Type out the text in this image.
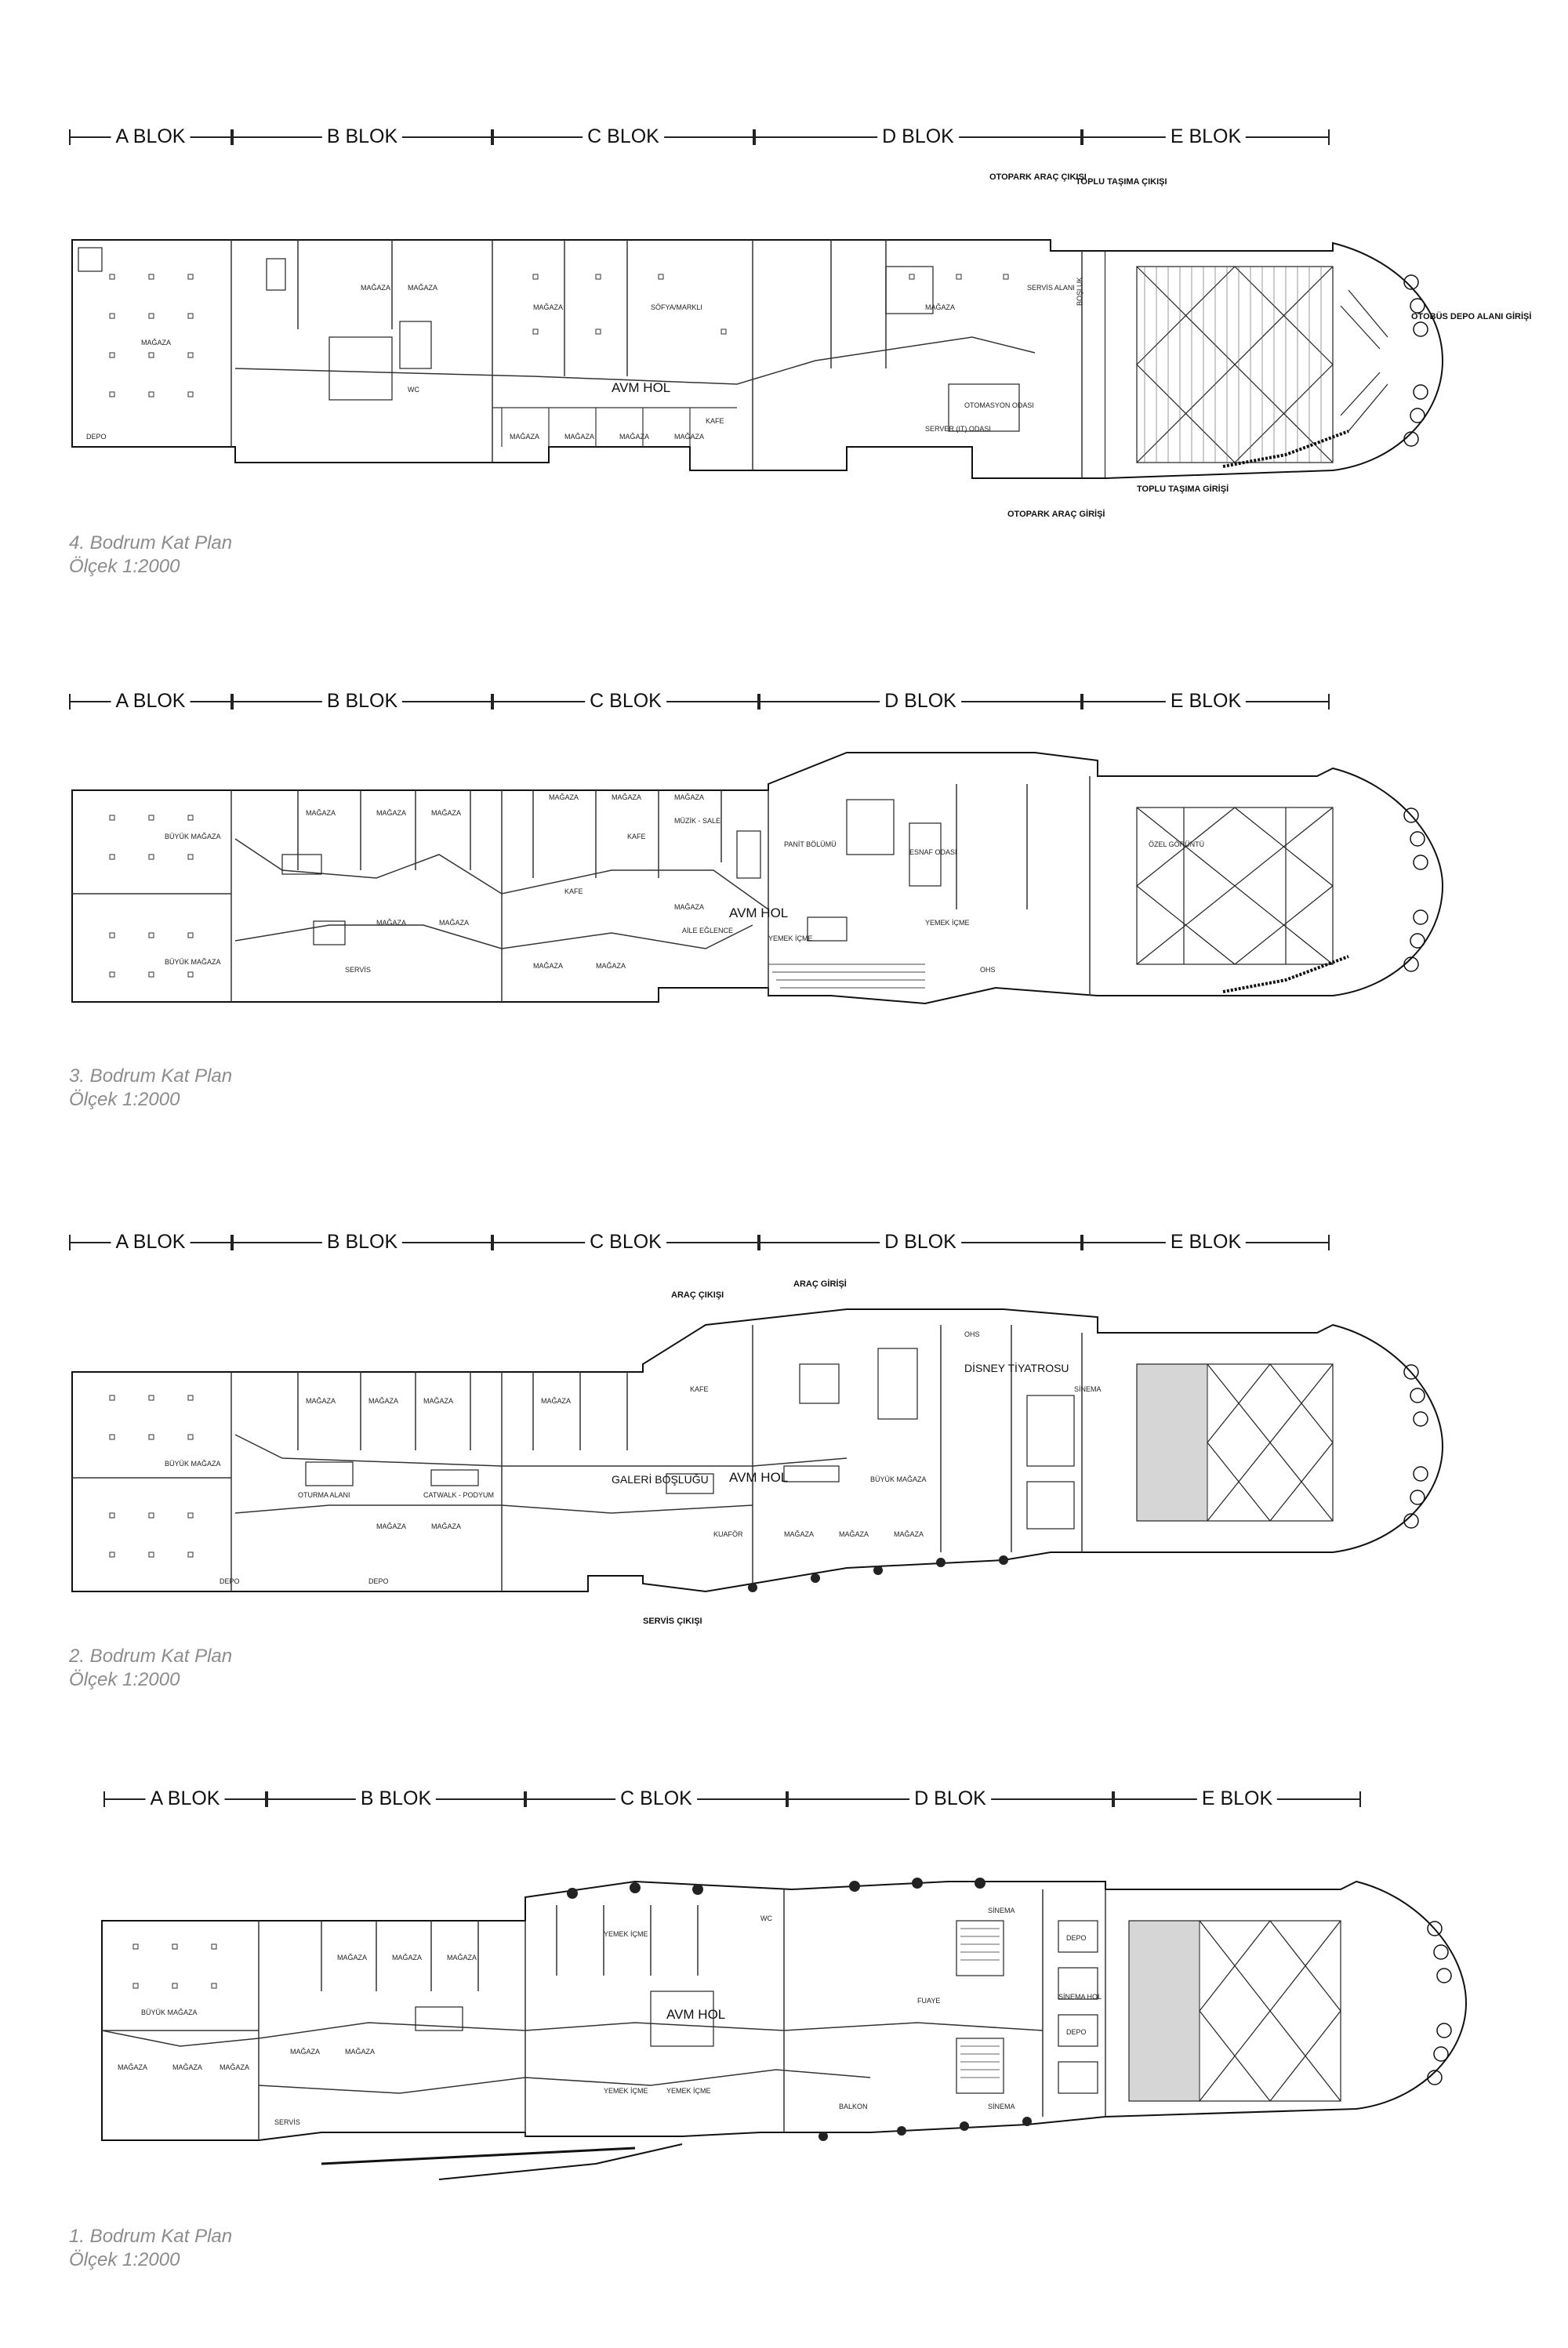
A BLOK	B BLOK	C BLOK	D BLOK	E BLOK
AVM HOL
MAĞAZA
MAĞAZA MAĞAZA
MAĞAZA	MAĞAZA
MAĞAZA	MAĞAZA	MAĞAZA	MAĞAZA
DEPO
WC
SÖFYA/MARKLI
KAFE
SERVER (IT) ODASI
OTOMASYON ODASI
SERVİS ALANI BOŞLUK
OTOPARK ARAÇ ÇIKIŞI
TOPLU TAŞIMA ÇIKIŞI
OTOBÜS DEPO ALANI GİRİŞİ
OTOPARK ARAÇ GİRİŞİ
TOPLU TAŞIMA GİRİŞİ
4. Bodrum Kat Plan
Ölçek 1:2000
A BLOK	B BLOK	C BLOK	D BLOK	E BLOK
AVM HOL
BÜYÜK MAĞAZA
BÜYÜK MAĞAZA
SERVİS
MAĞAZA	MAĞAZA	MAĞAZA
MAĞAZA	MAĞAZA	MAĞAZA
MAĞAZA	MAĞAZA
MAĞAZA	MAĞAZA
MAĞAZA
KAFE
KAFE
MÜZİK - SALE
PANİT BÖLÜMÜ
AİLE EĞLENCE
YEMEK İÇME
YEMEK İÇME
ESNAF ODASI
ÖZEL GÖRÜNTÜ
OHS
3. Bodrum Kat Plan
Ölçek 1:2000
A BLOK	B BLOK	C BLOK	D BLOK	E BLOK
AVM HOL
GALERİ BOŞLUĞU
DİSNEY TİYATROSU
BÜYÜK MAĞAZA
BÜYÜK MAĞAZA
OTURMA ALANI	CATWALK - PODYUM
SİNEMA
KAFE
DEPO	DEPO
OHS
KUAFÖR
MAĞAZA	MAĞAZA	MAĞAZA	MAĞAZA
MAĞAZA	MAĞAZA
MAĞAZA	MAĞAZA	MAĞAZA
ARAÇ ÇIKIŞI
ARAÇ GİRİŞİ
SERVİS ÇIKIŞI
2. Bodrum Kat Plan
Ölçek 1:2000
A BLOK	B BLOK	C BLOK	D BLOK	E BLOK
AVM HOL
BÜYÜK MAĞAZA
SİNEMA
SİNEMA
DEPO
DEPO
FUAYE
BALKON
YEMEK İÇME	YEMEK İÇME
YEMEK İÇME
SERVİS
SİNEMA HOL
WC
MAĞAZA	MAĞAZA MAĞAZA
MAĞAZA	MAĞAZA	MAĞAZA
MAĞAZA	MAĞAZA
1. Bodrum Kat Plan
Ölçek 1:2000
